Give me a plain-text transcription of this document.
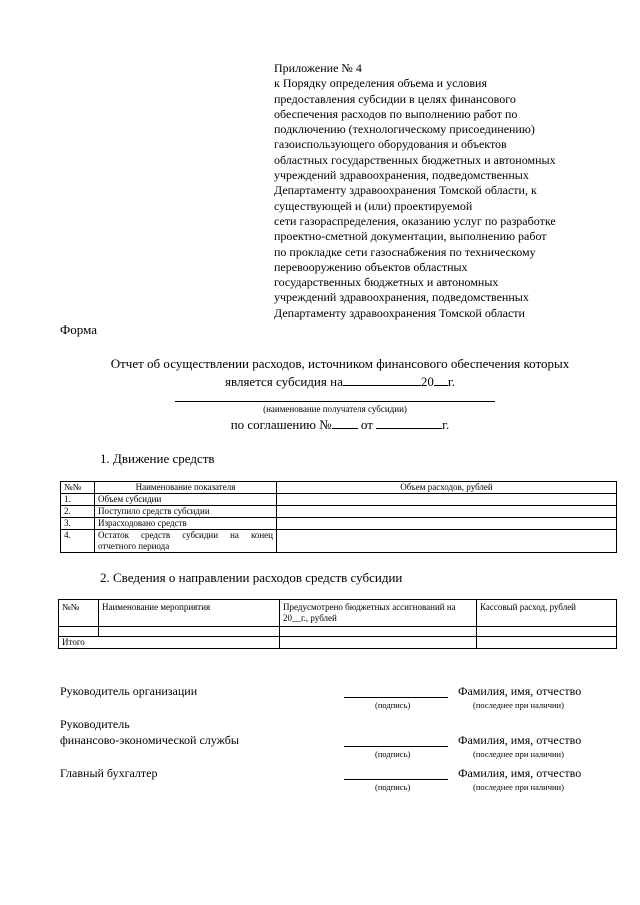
Приложение № 4
к Порядку определения объема и условия
предоставления субсидии в целях финансового
обеспечения расходов по выполнению работ по
подключению (технологическому присоединению)
газоиспользующего оборудования и объектов
областных государственных бюджетных и автономных
учреждений здравоохранения, подведомственных
Департаменту здравоохранения Томской области, к
существующей и (или) проектируемой
сети газораспределения, оказанию услуг по разработке
проектно-сметной документации, выполнению работ
по прокладке сети газоснабжения по техническому
перевооружению объектов областных
государственных бюджетных и автономных
учреждений здравоохранения, подведомственных
Департаменту здравоохранения Томской области
Форма
Отчет об осуществлении расходов, источником финансового обеспечения которых
является субсидия на	20 г.
(наименование получателя субсидии)
по соглашению № от	г.
1. Движение средств
№№	Наименование показателя	Объем расходов, рублей
1.	Объем субсидии	
2.	Поступило средств субсидии	
3.	Израсходовано средств	
4.	Остаток средств субсидии на конец отчетного периода	
2. Сведения о направлении расходов средств субсидии
№№	Наименование мероприятия	Предусмотрено бюджетных ассигнований на 20__г., рублей	Кассовый расход, рублей

Итого			
Руководитель организации
(подпись)
Фамилия, имя, отчество
(последнее при наличии)
Руководитель
финансово-экономической службы
(подпись)
Фамилия, имя, отчество
(последнее при наличии)
Главный бухгалтер
(подпись)
Фамилия, имя, отчество
(последнее при наличии)
